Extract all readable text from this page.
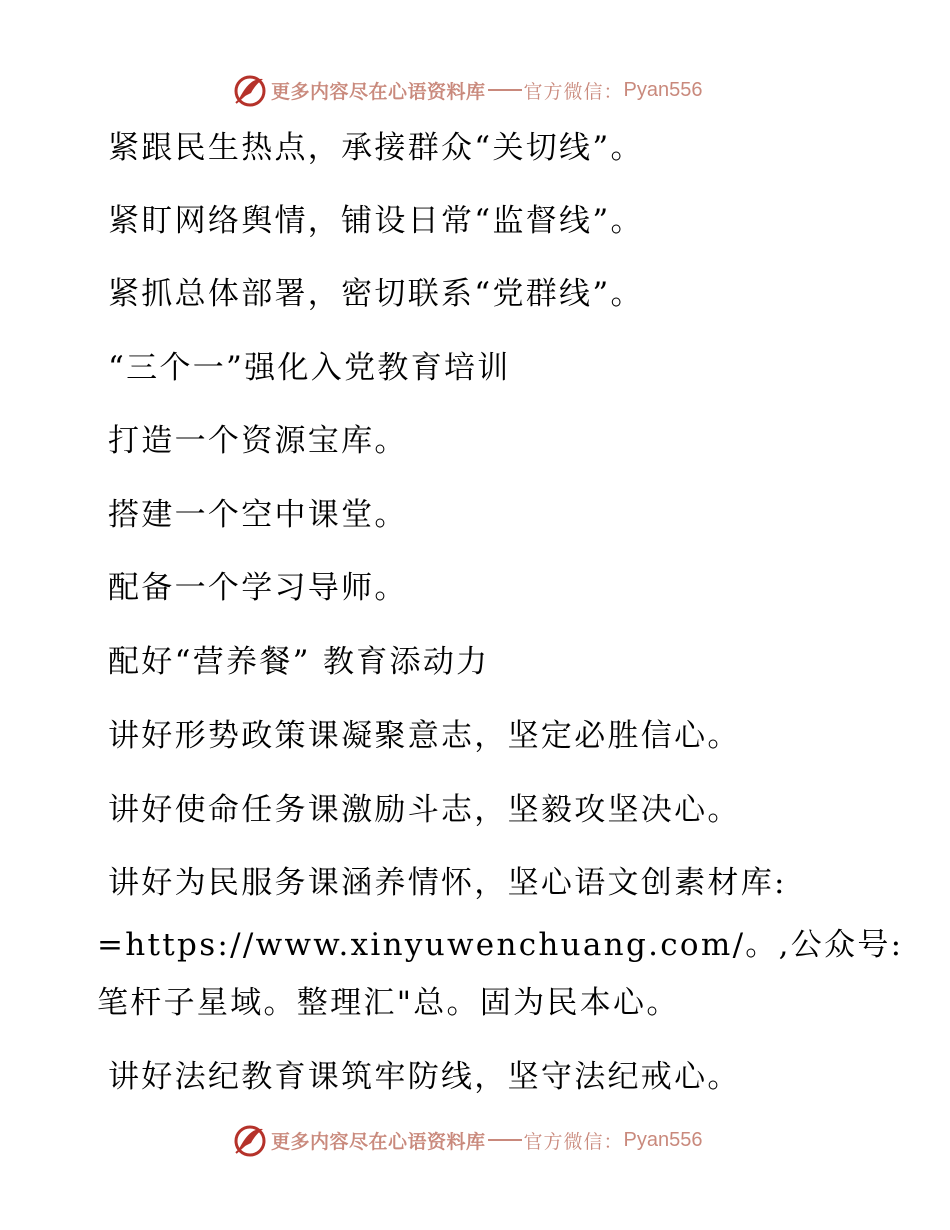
更多内容尽在心语资料库 官方微信： Pyan556
紧跟民生热点，承接群众“关切线”。
紧盯网络舆情，铺设日常“监督线”。
紧抓总体部署，密切联系“党群线”。
“三个一”强化入党教育培训
打造一个资源宝库。
搭建一个空中课堂。
配备一个学习导师。
配好“营养餐” 教育添动力
讲好形势政策课凝聚意志，坚定必胜信心。
讲好使命任务课激励斗志，坚毅攻坚决心。
讲好为民服务课涵养情怀，坚心语文创素材库:
=https://www.xinyuwenchuang.com/。,公众号:
笔杆子星域。整理汇"总。固为民本心。
讲好法纪教育课筑牢防线，坚守法纪戒心。
更多内容尽在心语资料库 官方微信： Pyan556
